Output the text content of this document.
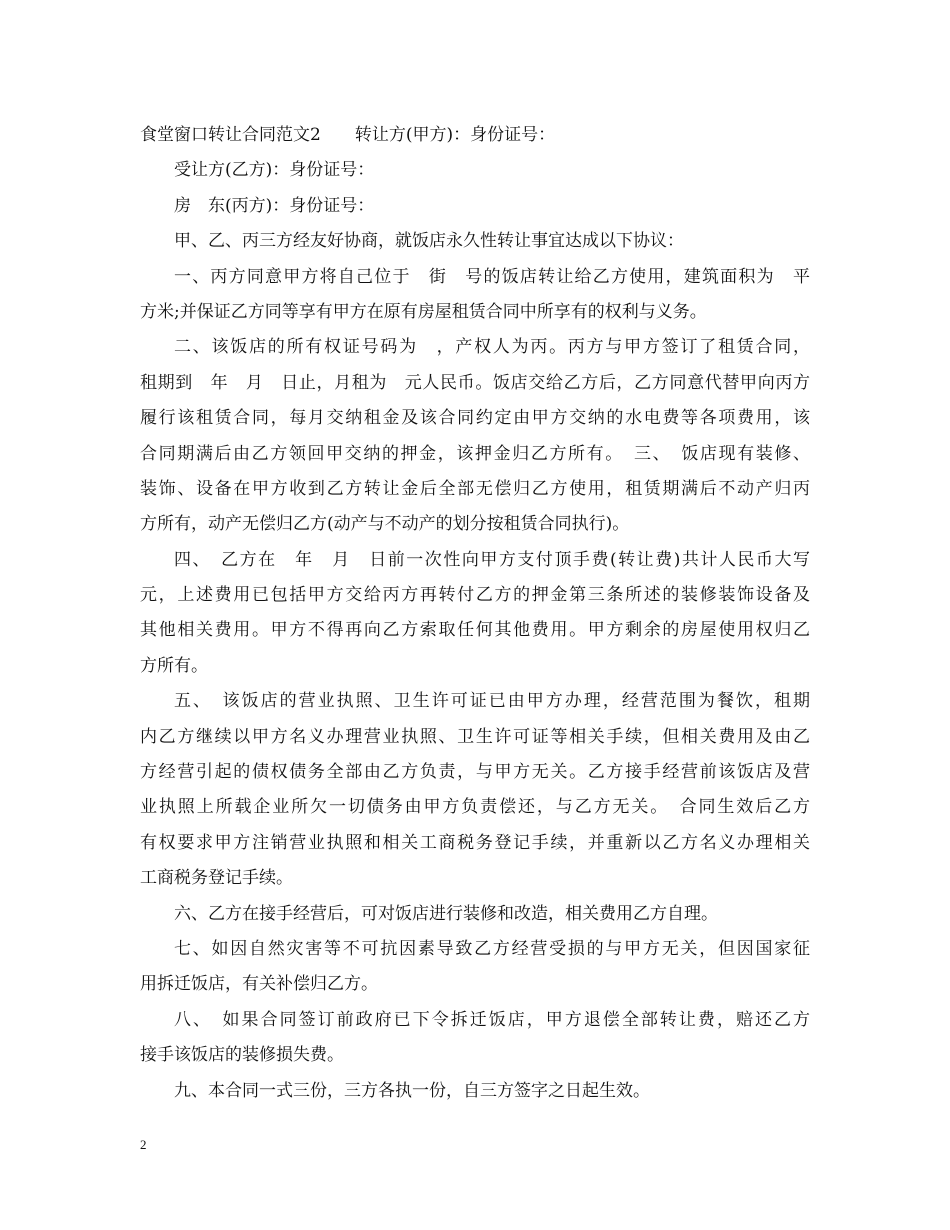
食堂窗口转让合同范文2　　转让方(甲方)：身份证号：
受让方(乙方)：身份证号：
房　东(丙方)：身份证号：
甲、乙、丙三方经友好协商，就饭店永久性转让事宜达成以下协议：
一、丙方同意甲方将自己位于　街　号的饭店转让给乙方使用，建筑面积为　平
方米;并保证乙方同等享有甲方在原有房屋租赁合同中所享有的权利与义务。
二、该饭店的所有权证号码为　，产权人为丙。丙方与甲方签订了租赁合同，
租期到　年　月　日止，月租为　元人民币。饭店交给乙方后，乙方同意代替甲向丙方
履行该租赁合同，每月交纳租金及该合同约定由甲方交纳的水电费等各项费用，该
合同期满后由乙方领回甲交纳的押金，该押金归乙方所有。　三、　饭店现有装修、
装饰、设备在甲方收到乙方转让金后全部无偿归乙方使用，租赁期满后不动产归丙
方所有，动产无偿归乙方(动产与不动产的划分按租赁合同执行)。
四、　乙方在　年　月　日前一次性向甲方支付顶手费(转让费)共计人民币大写
元，上述费用已包括甲方交给丙方再转付乙方的押金第三条所述的装修装饰设备及
其他相关费用。甲方不得再向乙方索取任何其他费用。甲方剩余的房屋使用权归乙
方所有。
五、　该饭店的营业执照、卫生许可证已由甲方办理，经营范围为餐饮，租期
内乙方继续以甲方名义办理营业执照、卫生许可证等相关手续，但相关费用及由乙
方经营引起的债权债务全部由乙方负责，与甲方无关。乙方接手经营前该饭店及营
业执照上所载企业所欠一切债务由甲方负责偿还，与乙方无关。　合同生效后乙方
有权要求甲方注销营业执照和相关工商税务登记手续，并重新以乙方名义办理相关
工商税务登记手续。
六、乙方在接手经营后，可对饭店进行装修和改造，相关费用乙方自理。
七、如因自然灾害等不可抗因素导致乙方经营受损的与甲方无关，但因国家征
用拆迁饭店，有关补偿归乙方。
八、　如果合同签订前政府已下令拆迁饭店，甲方退偿全部转让费，赔还乙方
接手该饭店的装修损失费。
九、本合同一式三份，三方各执一份，自三方签字之日起生效。
2
